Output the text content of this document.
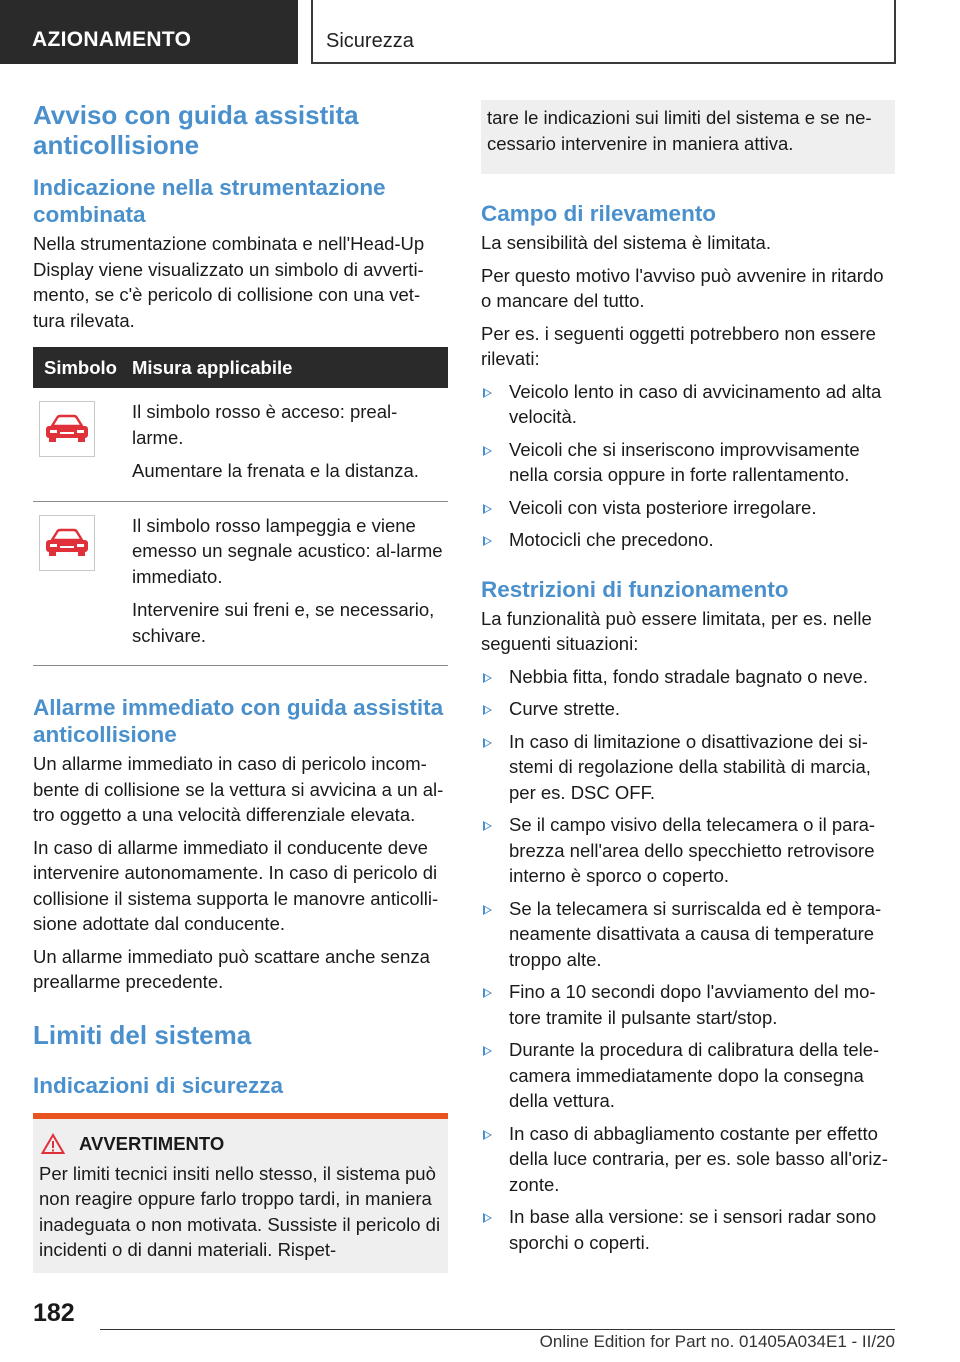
AZIONAMENTO	Sicurezza
Avviso con guida assistita anticollisione
Indicazione nella strumentazione combinata

Nella strumentazione combinata e nell'Head-Up Display viene visualizzato un simbolo di avverti-mento, se c'è pericolo di collisione con una vet-tura rilevata.

Simbolo Misura applicabile

Il simbolo rosso è acceso: preal-larme.

Aumentare la frenata e la distanza.

Il simbolo rosso lampeggia e viene emesso un segnale acustico: al-larme immediato.

Intervenire sui freni e, se necessario, schivare.

Allarme immediato con guida assistita anticollisione

Un allarme immediato in caso di pericolo incom-bente di collisione se la vettura si avvicina a un al-tro oggetto a una velocità differenziale elevata.

In caso di allarme immediato il conducente deve intervenire autonomamente. In caso di pericolo di collisione il sistema supporta le manovre anticolli-sione adottate dal conducente.

Un allarme immediato può scattare anche senza preallarme precedente.

Limiti del sistema
Indicazioni di sicurezza
AVVERTIMENTO

Per limiti tecnici insiti nello stesso, il sistema può non reagire oppure farlo troppo tardi, in maniera inadeguata o non motivata. Sussiste il pericolo di incidenti o di danni materiali. Rispet-

tare le indicazioni sui limiti del sistema e se ne-cessario intervenire in maniera attiva.

Campo di rilevamento

La sensibilità del sistema è limitata.

Per questo motivo l'avviso può avvenire in ritardo o mancare del tutto.

Per es. i seguenti oggetti potrebbero non essere rilevati:

Veicolo lento in caso di avvicinamento ad alta velocità.
Veicoli che si inseriscono improvvisamente nella corsia oppure in forte rallentamento.
Veicoli con vista posteriore irregolare.
Motocicli che precedono.
Restrizioni di funzionamento

La funzionalità può essere limitata, per es. nelle seguenti situazioni:

Nebbia fitta, fondo stradale bagnato o neve.
Curve strette.
In caso di limitazione o disattivazione dei si-stemi di regolazione della stabilità di marcia, per es. DSC OFF.
Se il campo visivo della telecamera o il para-brezza nell'area dello specchietto retrovisore interno è sporco o coperto.
Se la telecamera si surriscalda ed è tempora-neamente disattivata a causa di temperature troppo alte.
Fino a 10 secondi dopo l'avviamento del mo-tore tramite il pulsante start/stop.
Durante la procedura di calibratura della tele-camera immediatamente dopo la consegna della vettura.
In caso di abbagliamento costante per effetto della luce contraria, per es. sole basso all'oriz-zonte.
In base alla versione: se i sensori radar sono sporchi o coperti.
182
Online Edition for Part no. 01405A034E1 - II/20
